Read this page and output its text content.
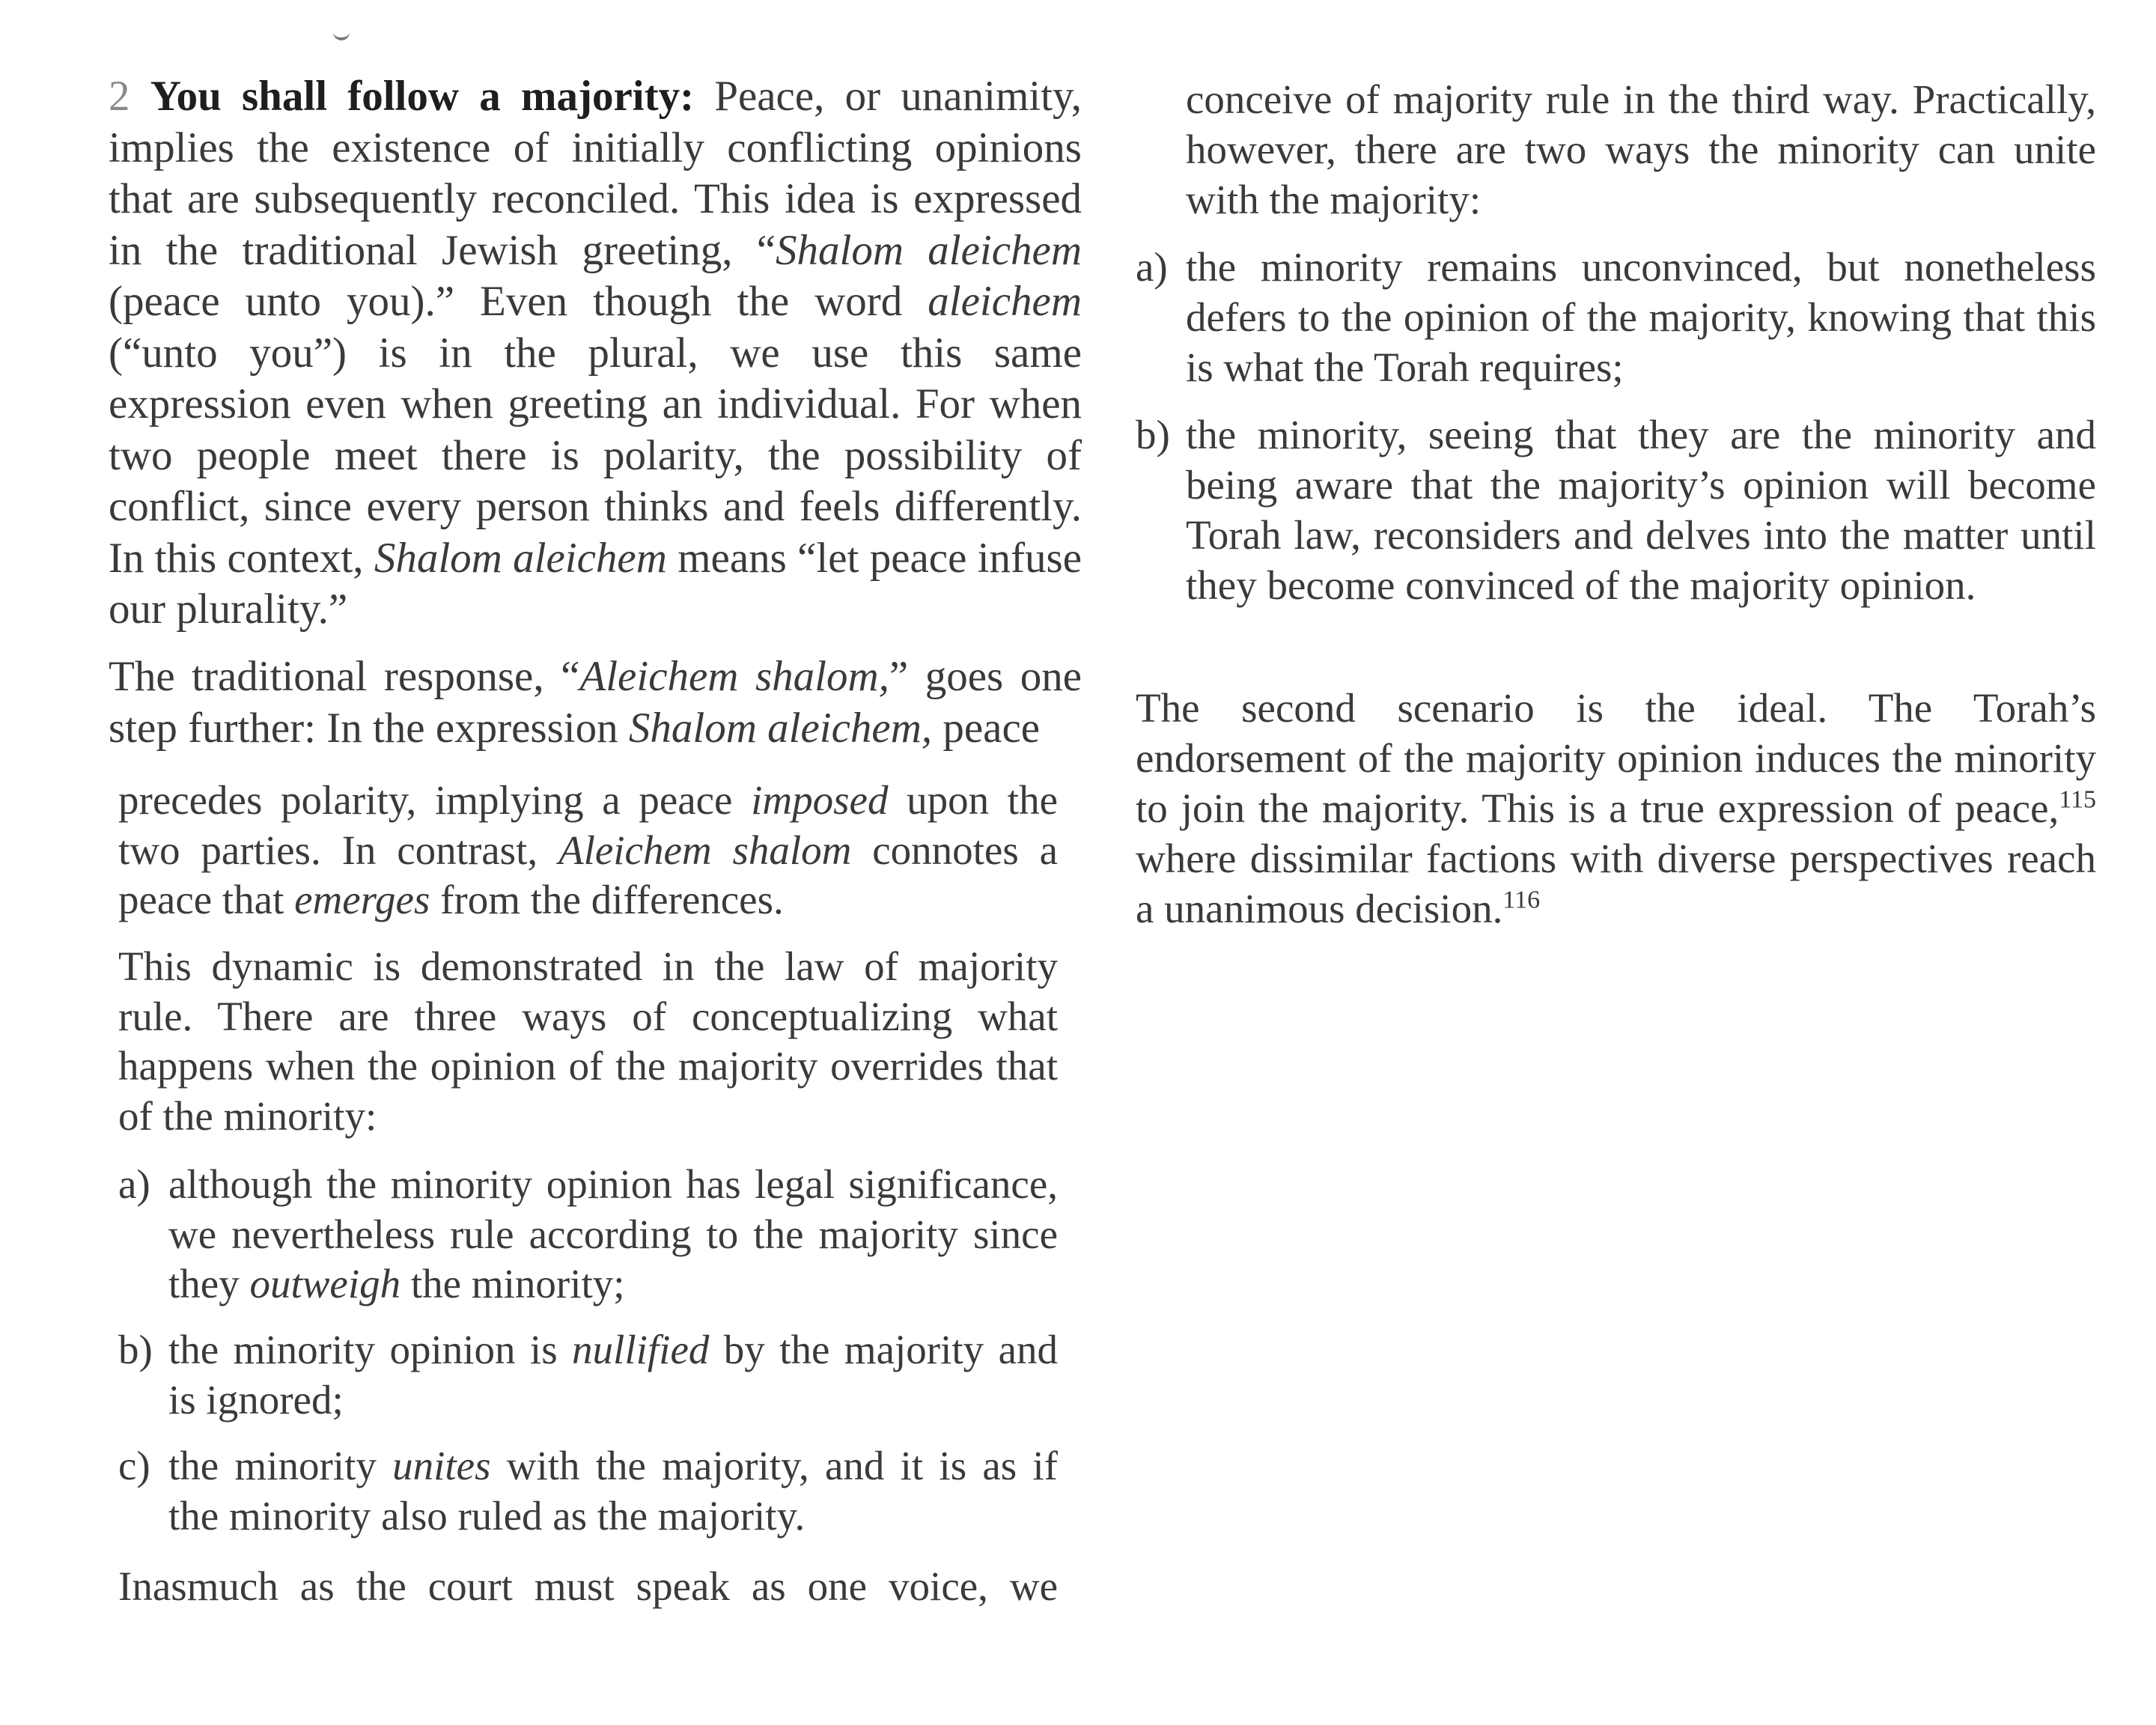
2 You shall follow a majority: Peace, or unanimity, implies the existence of initially conflicting opinions that are subsequently reconciled. This idea is expressed in the traditional Jewish greeting, “Shalom aleichem (peace unto you).” Even though the word aleichem (“unto you”) is in the plural, we use this same expression even when greeting an individual. For when two people meet there is polarity, the possibility of conflict, since every person thinks and feels differently. In this context, Shalom aleichem means “let peace infuse our plurality.”

The traditional response, “Aleichem shalom,” goes one step further: In the expression Shalom aleichem, peace

precedes polarity, implying a peace imposed upon the two parties. In contrast, Aleichem shalom connotes a peace that emerges from the differences.

This dynamic is demonstrated in the law of majority rule. There are three ways of conceptualizing what happens when the opinion of the majority overrides that of the minority:

a) although the minority opinion has legal significance, we nevertheless rule according to the majority since they outweigh the minority;
b) the minority opinion is nullified by the majority and is ignored;
c) the minority unites with the majority, and it is as if the minority also ruled as the majority.

Inasmuch as the court must speak as one voice, we

conceive of majority rule in the third way. Practically, however, there are two ways the minority can unite with the majority:

a) the minority remains unconvinced, but nonetheless defers to the opinion of the majority, knowing that this is what the Torah requires;
b) the minority, seeing that they are the minority and being aware that the majority’s opinion will become Torah law, reconsiders and delves into the matter until they become convinced of the majority opinion.

The second scenario is the ideal. The Torah’s endorsement of the majority opinion induces the minority to join the majority. This is a true expression of peace,$^{115}$ where dissimilar factions with diverse perspectives reach a unanimous decision.$^{116}$
